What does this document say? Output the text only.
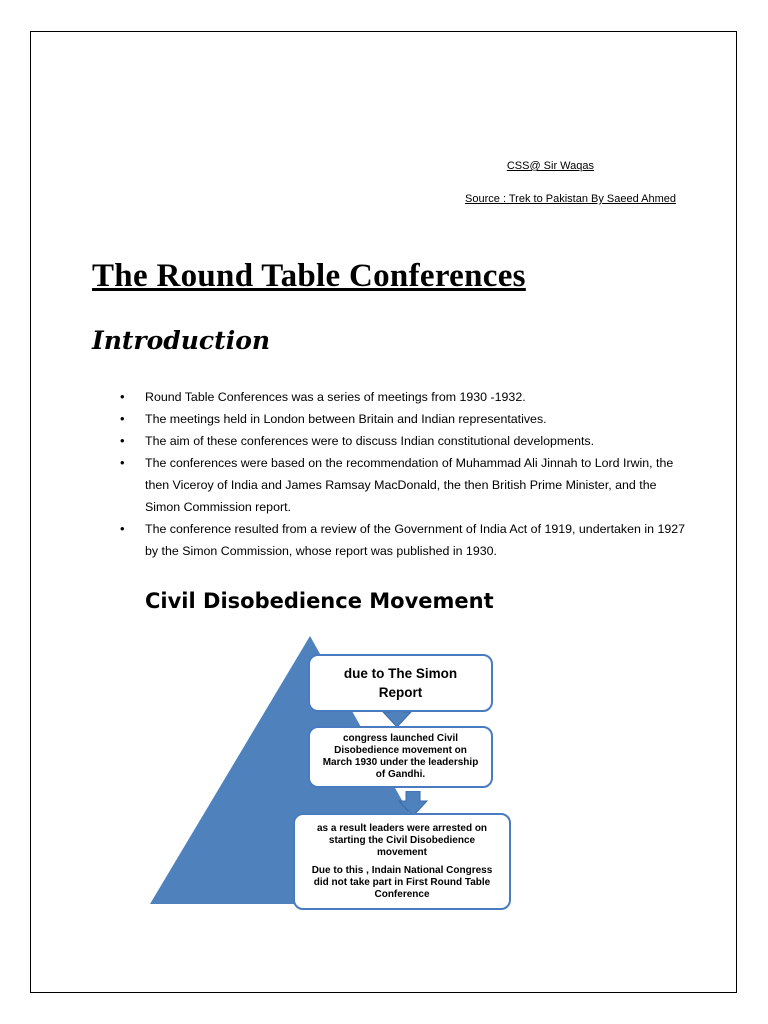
CSS@ Sir Waqas
Source : Trek to Pakistan By Saeed Ahmed
The Round Table Conferences
Introduction
• Round Table Conferences was a series of meetings from 1930 -1932.
• The meetings held in London between Britain and Indian representatives.
• The aim of these conferences were to discuss Indian constitutional developments.
• The conferences were based on the recommendation of Muhammad Ali Jinnah to Lord Irwin, the then Viceroy of India and James Ramsay MacDonald, the then British Prime Minister, and the Simon Commission report.
• The conference resulted from a review of the Government of India Act of 1919, undertaken in 1927 by the Simon Commission, whose report was published in 1930.
Civil Disobedience Movement
due to The Simon Report
congress launched Civil Disobedience movement on March 1930 under the leadership of Gandhi.

as a result leaders were arrested on starting the Civil Disobedience movement

Due to this , Indain National Congress did not take part in First Round Table Conference
